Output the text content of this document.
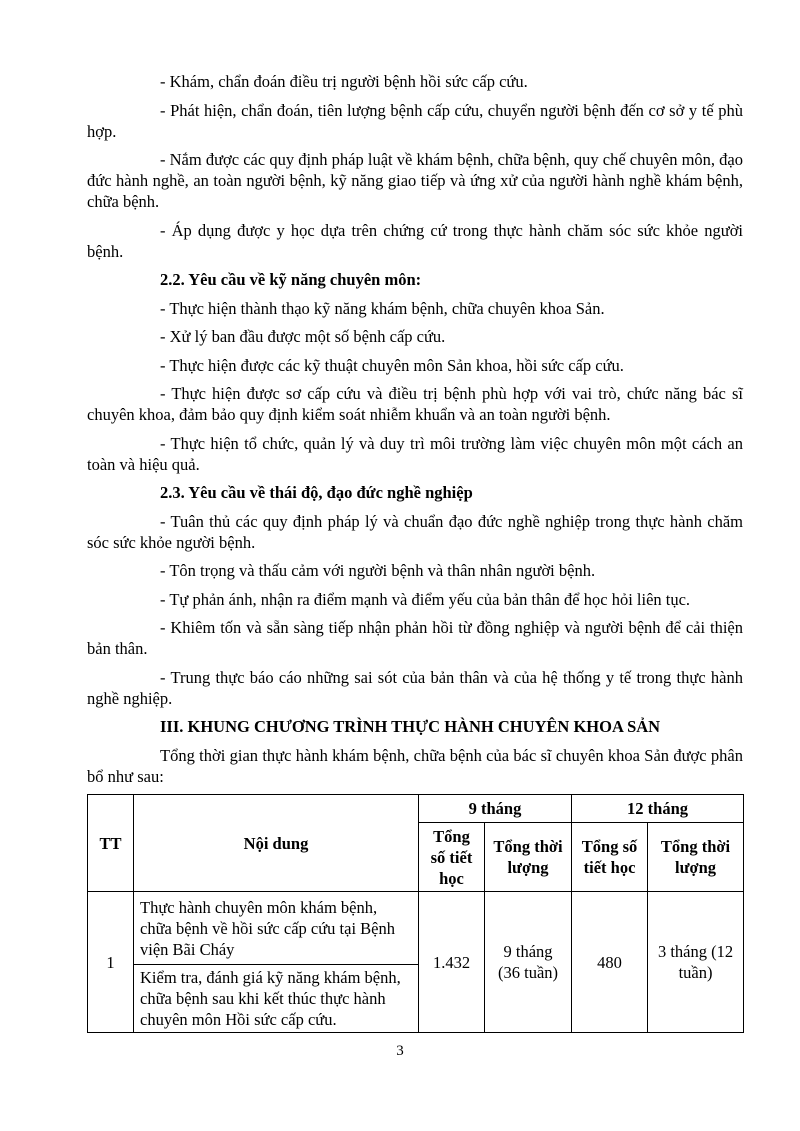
- Khám, chẩn đoán điều trị người bệnh hồi sức cấp cứu.

- Phát hiện, chẩn đoán, tiên lượng bệnh cấp cứu, chuyển người bệnh đến cơ sở y tế phù hợp.

- Nắm được các quy định pháp luật về khám bệnh, chữa bệnh, quy chế chuyên môn, đạo đức hành nghề, an toàn người bệnh, kỹ năng giao tiếp và ứng xử của người hành nghề khám bệnh, chữa bệnh.

- Áp dụng được y học dựa trên chứng cứ trong thực hành chăm sóc sức khỏe người bệnh.

2.2. Yêu cầu về kỹ năng chuyên môn:

- Thực hiện thành thạo kỹ năng khám bệnh, chữa chuyên khoa Sản.

- Xử lý ban đầu được một số bệnh cấp cứu.

- Thực hiện được các kỹ thuật chuyên môn Sản khoa, hồi sức cấp cứu.

- Thực hiện được sơ cấp cứu và điều trị bệnh phù hợp với vai trò, chức năng bác sĩ chuyên khoa, đảm bảo quy định kiểm soát nhiễm khuẩn và an toàn người bệnh.

- Thực hiện tổ chức, quản lý và duy trì môi trường làm việc chuyên môn một cách an toàn và hiệu quả.

2.3. Yêu cầu về thái độ, đạo đức nghề nghiệp

- Tuân thủ các quy định pháp lý và chuẩn đạo đức nghề nghiệp trong thực hành chăm sóc sức khỏe người bệnh.

- Tôn trọng và thấu cảm với người bệnh và thân nhân người bệnh.

- Tự phản ánh, nhận ra điểm mạnh và điểm yếu của bản thân để học hỏi liên tục.

- Khiêm tốn và sẵn sàng tiếp nhận phản hồi từ đồng nghiệp và người bệnh để cải thiện bản thân.

- Trung thực báo cáo những sai sót của bản thân và của hệ thống y tế trong thực hành nghề nghiệp.

III. KHUNG CHƯƠNG TRÌNH THỰC HÀNH CHUYÊN KHOA SẢN

Tổng thời gian thực hành khám bệnh, chữa bệnh của bác sĩ chuyên khoa Sản được phân bổ như sau:

TT	Nội dung	9 tháng		12 tháng	
		Tổng số tiết học	Tổng thời lượng	Tổng số tiết học	Tổng thời lượng
1	Thực hành chuyên môn khám bệnh, chữa bệnh về hồi sức cấp cứu tại Bệnh viện Bãi Cháy	1.432	9 tháng (36 tuần)	480	3 tháng (12 tuần)
	Kiểm tra, đánh giá kỹ năng khám bệnh, chữa bệnh sau khi kết thúc thực hành chuyên môn Hồi sức cấp cứu.				
3
